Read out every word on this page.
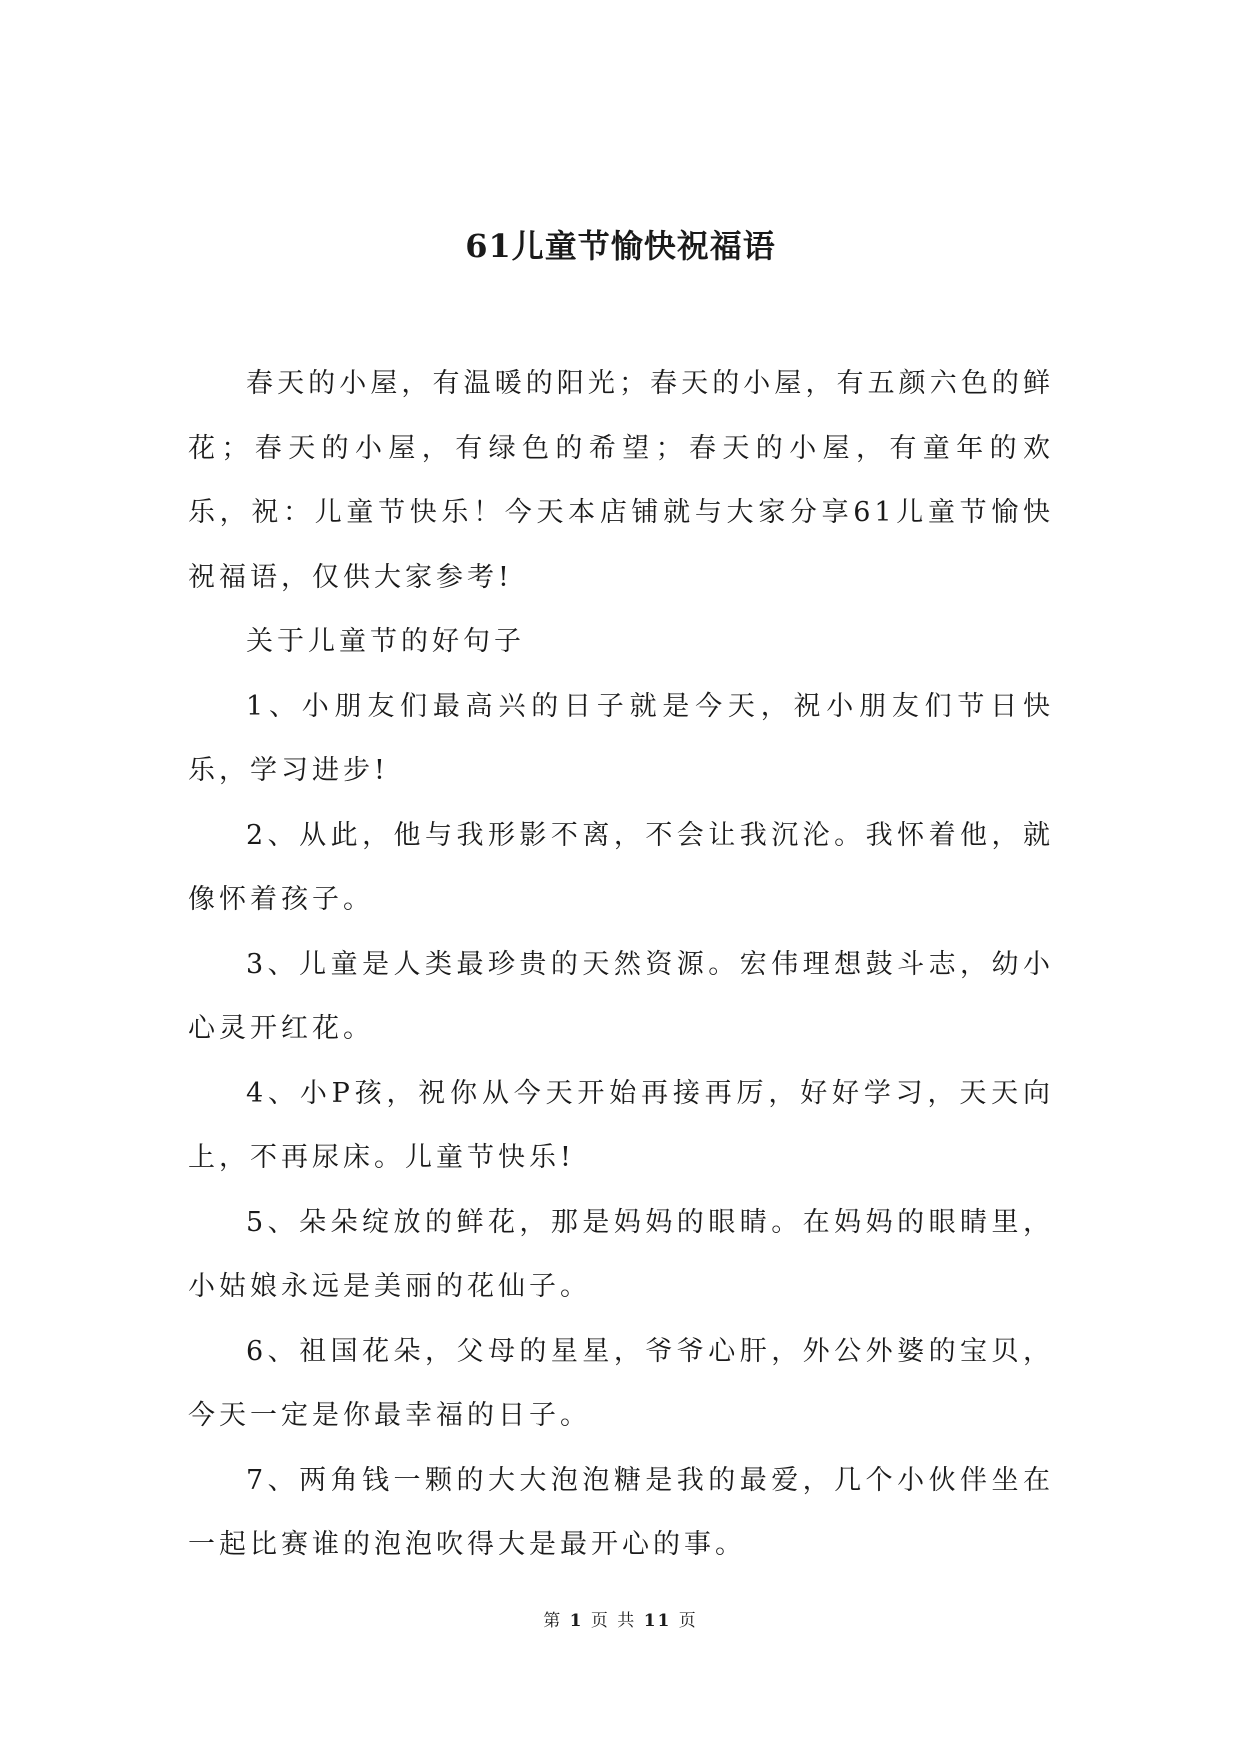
61儿童节愉快祝福语

春天的小屋，有温暖的阳光；春天的小屋，有五颜六色的鲜花；春天的小屋，有绿色的希望；春天的小屋，有童年的欢乐，祝：儿童节快乐！今天本店铺就与大家分享61儿童节愉快祝福语，仅供大家参考!

关于儿童节的好句子

1、小朋友们最高兴的日子就是今天，祝小朋友们节日快乐，学习进步!

2、从此，他与我形影不离，不会让我沉沦。我怀着他，就像怀着孩子。

3、儿童是人类最珍贵的天然资源。宏伟理想鼓斗志，幼小心灵开红花。

4、小P孩，祝你从今天开始再接再厉，好好学习，天天向上，不再尿床。儿童节快乐!

5、朵朵绽放的鲜花，那是妈妈的眼睛。在妈妈的眼睛里，小姑娘永远是美丽的花仙子。

6、祖国花朵，父母的星星，爷爷心肝，外公外婆的宝贝，今天一定是你最幸福的日子。

7、两角钱一颗的大大泡泡糖是我的最爱，几个小伙伴坐在一起比赛谁的泡泡吹得大是最开心的事。

第 1 页 共 11 页
